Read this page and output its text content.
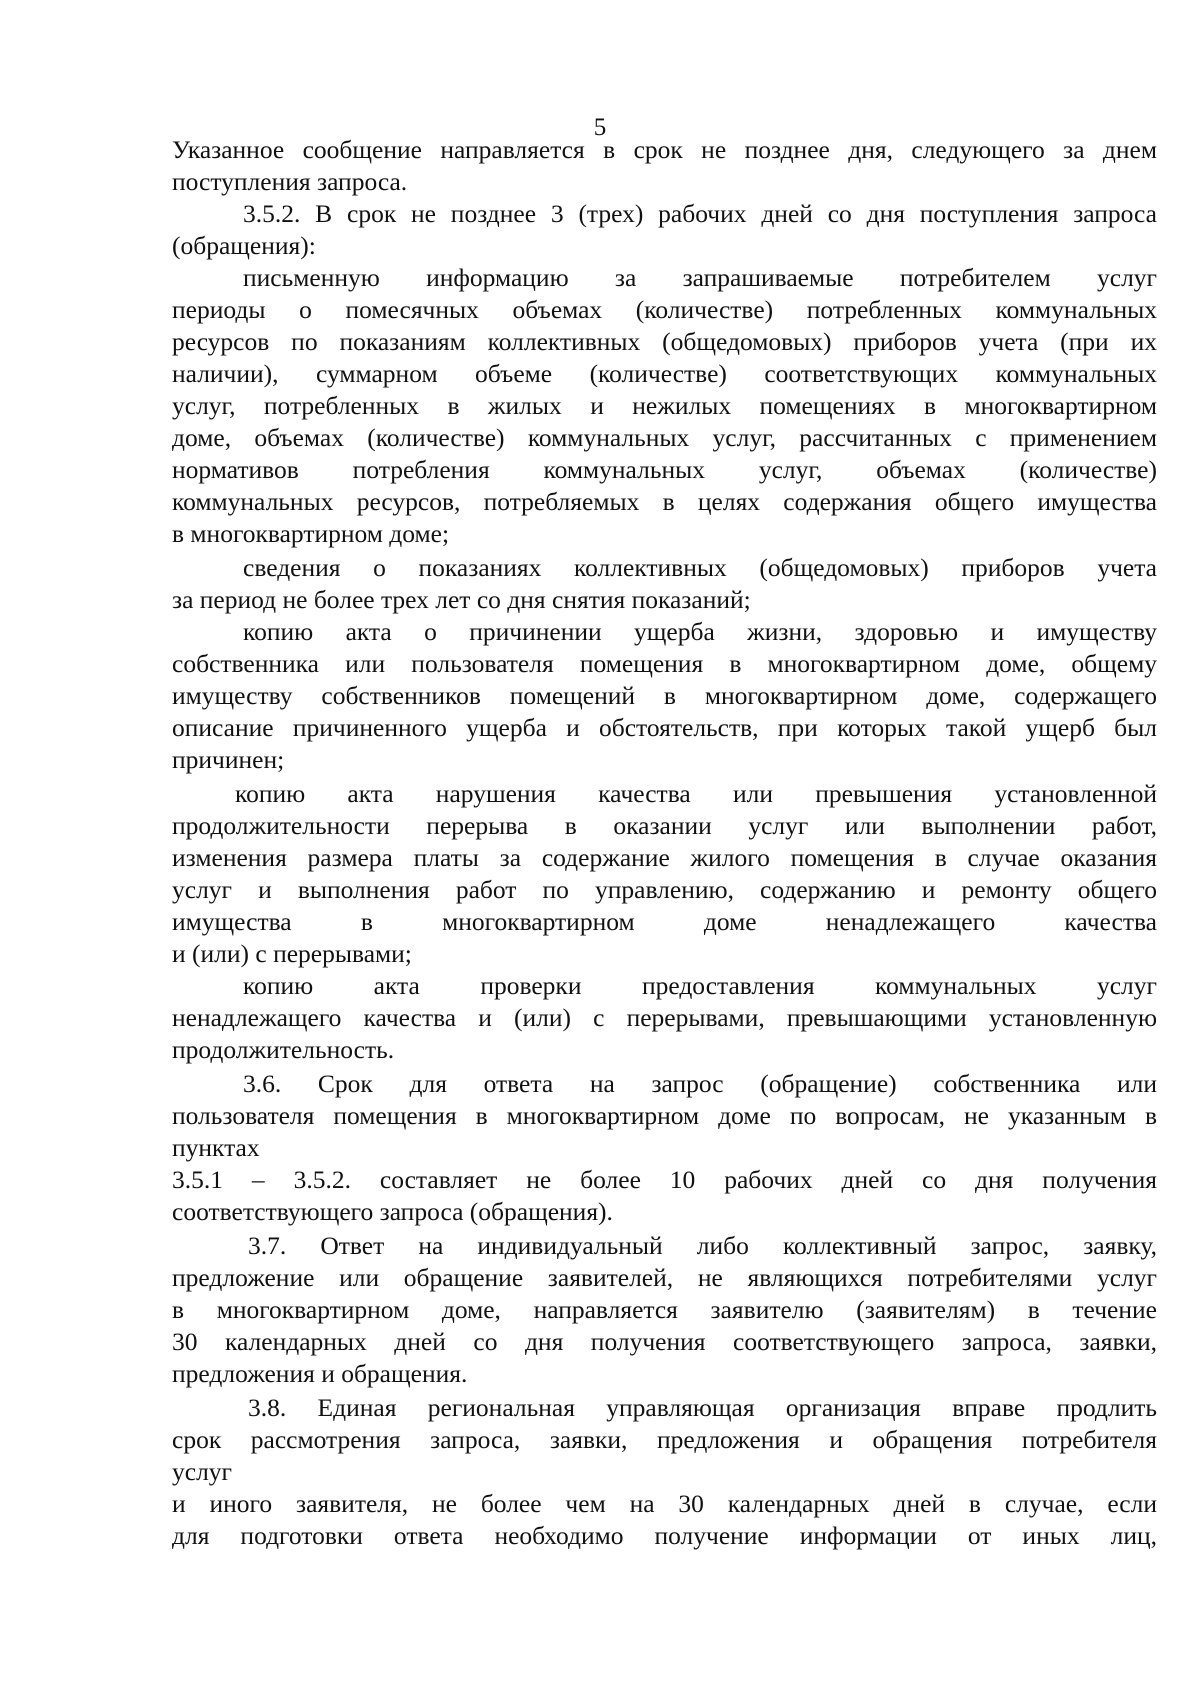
5
Указанное сообщение направляется в срок не позднее дня, следующего за днем
поступления запроса.
3.5.2. В срок не позднее 3 (трех) рабочих дней со дня поступления запроса
(обращения):
письменную информацию за запрашиваемые потребителем услуг
периоды о помесячных объемах (количестве) потребленных коммунальных
ресурсов по показаниям коллективных (общедомовых) приборов учета (при их
наличии), суммарном объеме (количестве) соответствующих коммунальных
услуг, потребленных в жилых и нежилых помещениях в многоквартирном
доме, объемах (количестве) коммунальных услуг, рассчитанных с применением
нормативов потребления коммунальных услуг, объемах (количестве)
коммунальных ресурсов, потребляемых в целях содержания общего имущества
в многоквартирном доме;
сведения о показаниях коллективных (общедомовых) приборов учета
за период не более трех лет со дня снятия показаний;
копию акта о причинении ущерба жизни, здоровью и имуществу
собственника или пользователя помещения в многоквартирном доме, общему
имуществу собственников помещений в многоквартирном доме, содержащего
описание причиненного ущерба и обстоятельств, при которых такой ущерб был
причинен;
копию акта нарушения качества или превышения установленной
продолжительности перерыва в оказании услуг или выполнении работ,
изменения размера платы за содержание жилого помещения в случае оказания
услуг и выполнения работ по управлению, содержанию и ремонту общего
имущества в многоквартирном доме ненадлежащего качества
и (или) с перерывами;
копию акта проверки предоставления коммунальных услуг
ненадлежащего качества и (или) с перерывами, превышающими установленную
продолжительность.
3.6. Срок для ответа на запрос (обращение) собственника или
пользователя помещения в многоквартирном доме по вопросам, не указанным в
пунктах
3.5.1 – 3.5.2. составляет не более 10 рабочих дней со дня получения
соответствующего запроса (обращения).
3.7. Ответ на индивидуальный либо коллективный запрос, заявку,
предложение или обращение заявителей, не являющихся потребителями услуг
в многоквартирном доме, направляется заявителю (заявителям) в течение
30 календарных дней со дня получения соответствующего запроса, заявки,
предложения и обращения.
3.8. Единая региональная управляющая организация вправе продлить
срок рассмотрения запроса, заявки, предложения и обращения потребителя
услуг
и иного заявителя, не более чем на 30 календарных дней в случае, если
для подготовки ответа необходимо получение информации от иных лиц,
